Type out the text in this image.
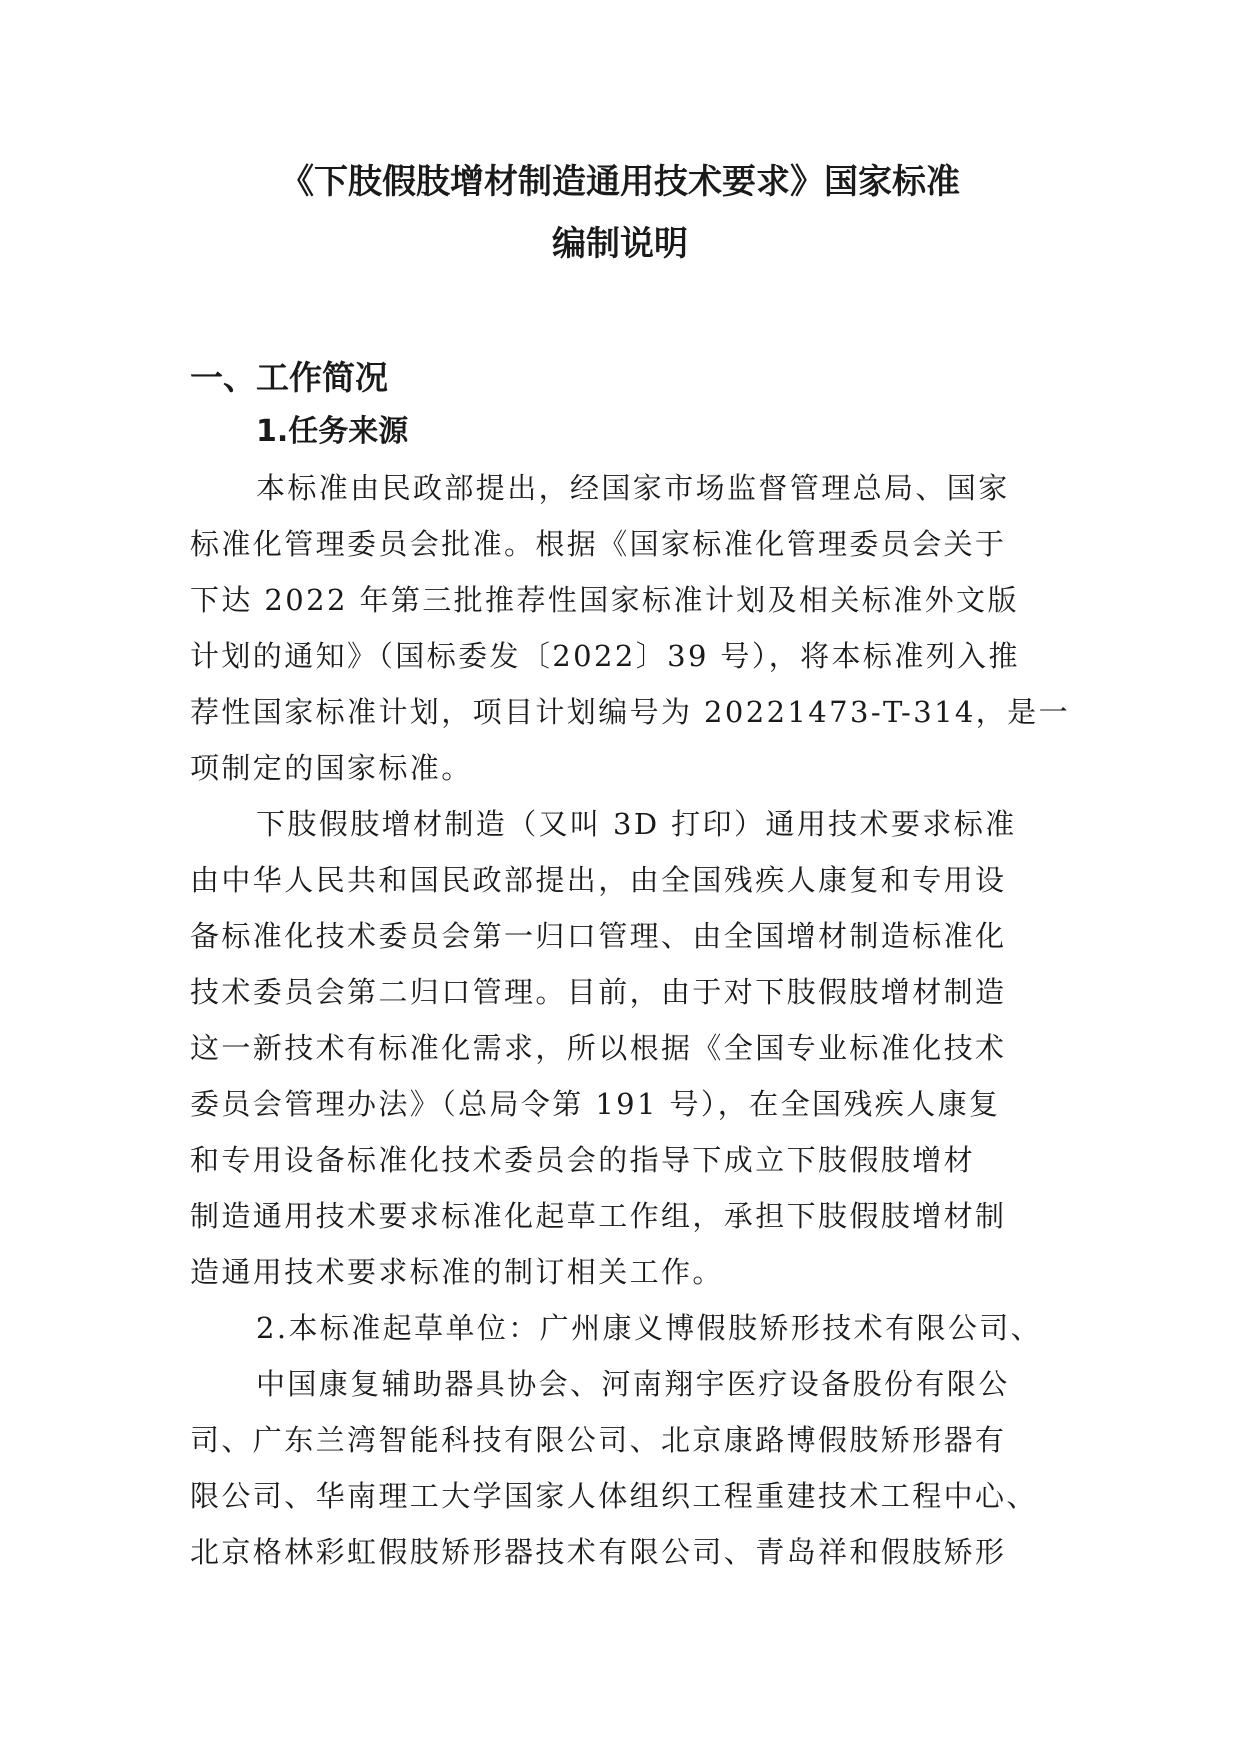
《下肢假肢增材制造通用技术要求》国家标准
编制说明
一、工作简况
1.任务来源
本标准由民政部提出，经国家市场监督管理总局、国家
标准化管理委员会批准。根据《国家标准化管理委员会关于
下达 2022 年第三批推荐性国家标准计划及相关标准外文版
计划的通知》（国标委发〔2022〕39 号），将本标准列入推
荐性国家标准计划，项目计划编号为 20221473-T-314，是一
项制定的国家标准。
下肢假肢增材制造（又叫 3D 打印）通用技术要求标准
由中华人民共和国民政部提出，由全国残疾人康复和专用设
备标准化技术委员会第一归口管理、由全国增材制造标准化
技术委员会第二归口管理。目前，由于对下肢假肢增材制造
这一新技术有标准化需求，所以根据《全国专业标准化技术
委员会管理办法》（总局令第 191 号），在全国残疾人康复
和专用设备标准化技术委员会的指导下成立下肢假肢增材
制造通用技术要求标准化起草工作组，承担下肢假肢增材制
造通用技术要求标准的制订相关工作。
2.本标准起草单位：广州康义博假肢矫形技术有限公司、
中国康复辅助器具协会、河南翔宇医疗设备股份有限公
司、广东兰湾智能科技有限公司、北京康路博假肢矫形器有
限公司、华南理工大学国家人体组织工程重建技术工程中心、
北京格林彩虹假肢矫形器技术有限公司、青岛祥和假肢矫形
